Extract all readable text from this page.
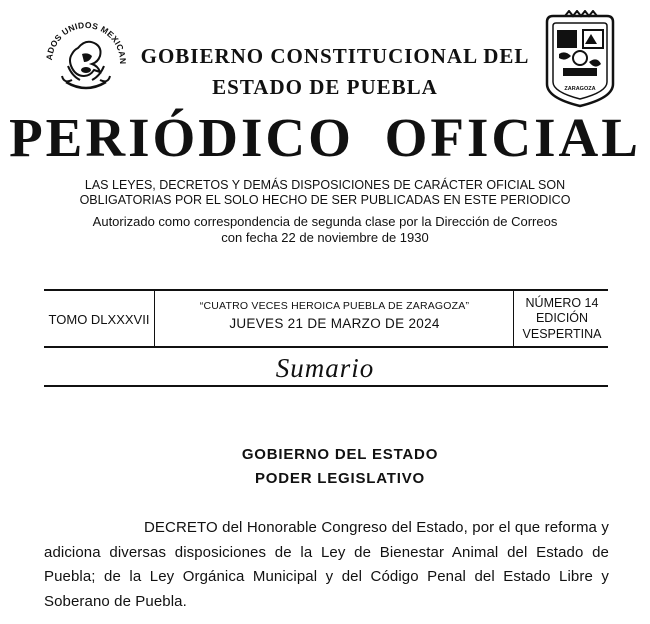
ADOS UNIDOS MEXICAN
ZARAGOZA
GOBIERNO CONSTITUCIONAL DEL
ESTADO DE PUEBLA
PERIÓDICO OFICIAL
LAS LEYES, DECRETOS Y DEMÁS DISPOSICIONES DE CARÁCTER OFICIAL SON
OBLIGATORIAS POR EL SOLO HECHO DE SER PUBLICADAS EN ESTE PERIODICO
Autorizado como correspondencia de segunda clase por la Dirección de Correos
con fecha 22 de noviembre de 1930
TOMO DLXXXVII
“CUATRO VECES HEROICA PUEBLA DE ZARAGOZA”
JUEVES 21 DE MARZO DE 2024
NÚMERO 14
EDICIÓN
VESPERTINA
Sumario
GOBIERNO DEL ESTADO
PODER LEGISLATIVO
DECRETO del Honorable Congreso del Estado, por el que reforma y adiciona diversas disposiciones de la Ley de Bienestar Animal del Estado de Puebla; de la Ley Orgánica Municipal y del Código Penal del Estado Libre y Soberano de Puebla.
